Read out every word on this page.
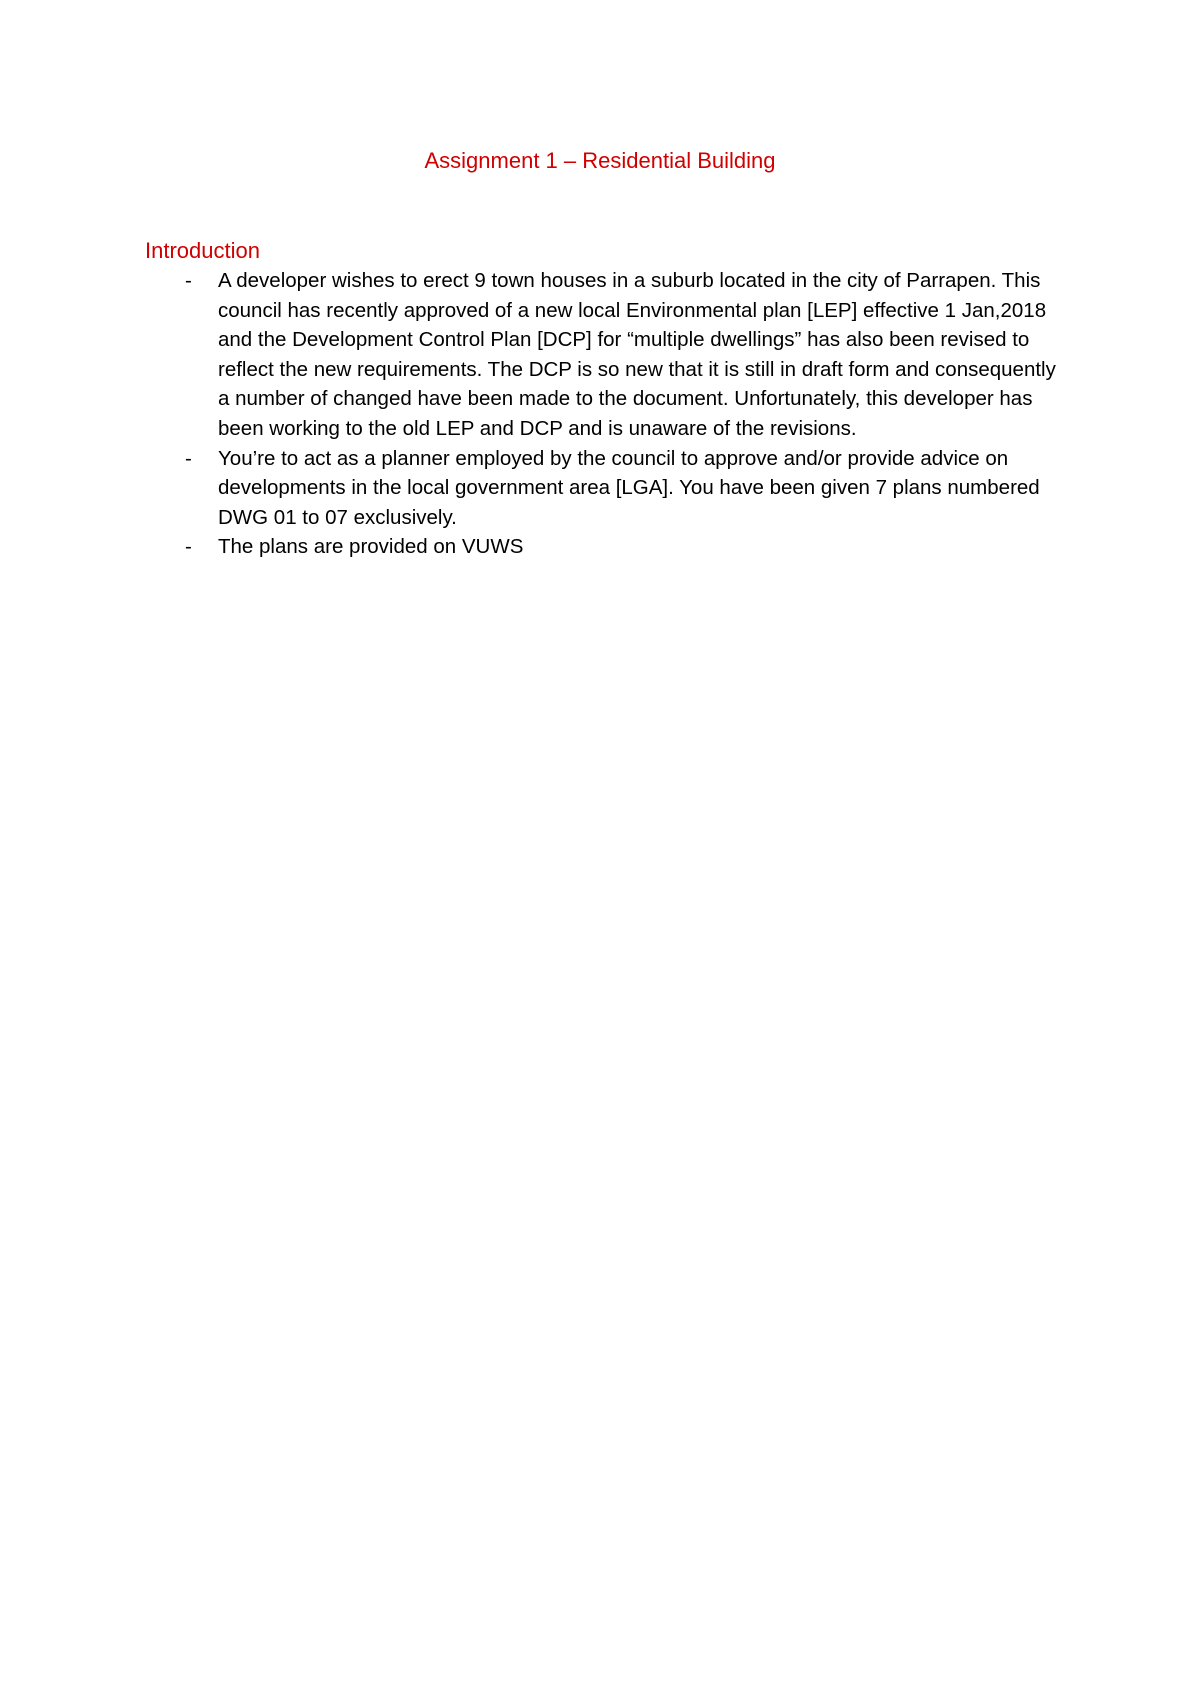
Assignment 1 – Residential Building
Introduction
- A developer wishes to erect 9 town houses in a suburb located in the city of Parrapen. This council has recently approved of a new local Environmental plan [LEP] effective 1 Jan,2018 and the Development Control Plan [DCP] for “multiple dwellings” has also been revised to reflect the new requirements. The DCP is so new that it is still in draft form and consequently a number of changed have been made to the document. Unfortunately, this developer has been working to the old LEP and DCP and is unaware of the revisions.
- You’re to act as a planner employed by the council to approve and/or provide advice on developments in the local government area [LGA]. You have been given 7 plans numbered DWG 01 to 07 exclusively.
- The plans are provided on VUWS
